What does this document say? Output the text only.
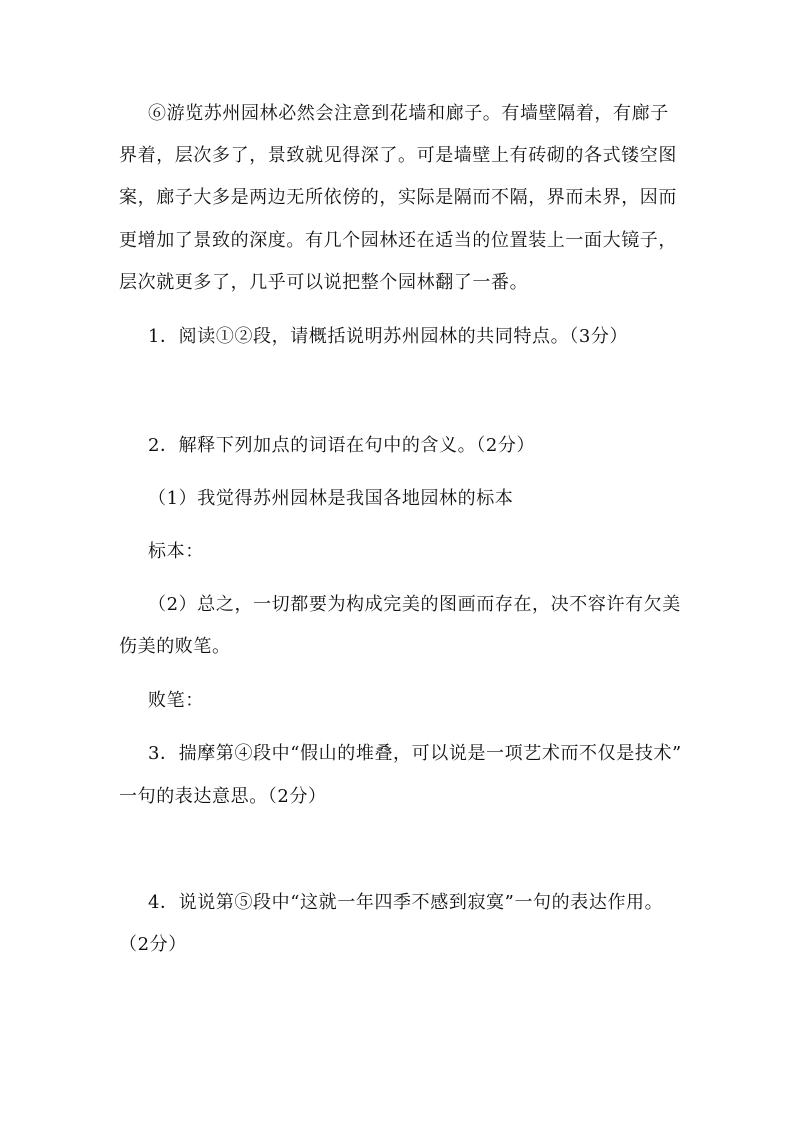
⑥游览苏州园林必然会注意到花墙和廊子。有墙壁隔着，有廊子
界着，层次多了，景致就见得深了。可是墙壁上有砖砌的各式镂空图
案，廊子大多是两边无所依傍的，实际是隔而不隔，界而未界，因而
更增加了景致的深度。有几个园林还在适当的位置装上一面大镜子，
层次就更多了，几乎可以说把整个园林翻了一番。
1．阅读①②段，请概括说明苏州园林的共同特点。（3分）
2．解释下列加点的词语在句中的含义。（2分）
（1）我觉得苏州园林是我国各地园林的标本
标本：
（2）总之，一切都要为构成完美的图画而存在，决不容许有欠美
伤美的败笔。
败笔：
3．揣摩第④段中“假山的堆叠，可以说是一项艺术而不仅是技术”
一句的表达意思。（2分）
4．说说第⑤段中“这就一年四季不感到寂寞”一句的表达作用。
（2分）
